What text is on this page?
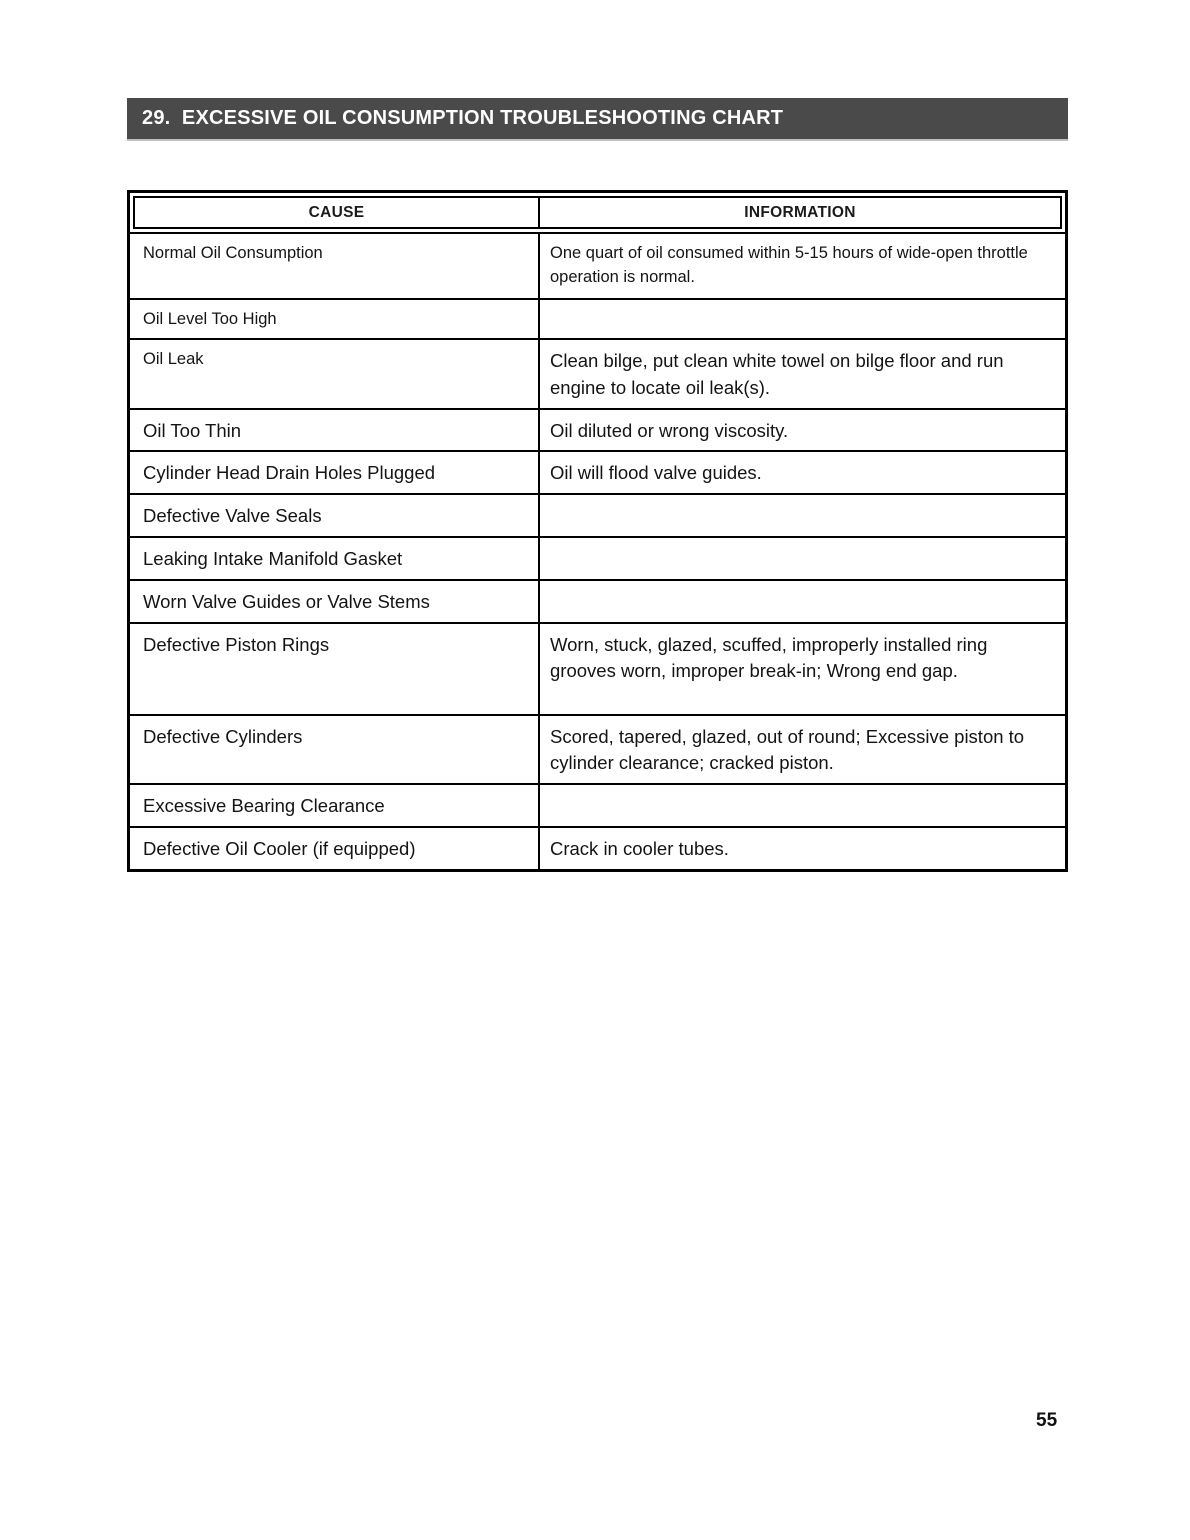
29.  EXCESSIVE OIL CONSUMPTION TROUBLESHOOTING CHART
CAUSE	INFORMATION
Normal Oil Consumption	One quart of oil consumed within 5-15 hours of wide-open throttle operation is normal.
Oil Level Too High
Oil Leak	Clean bilge, put clean white towel on bilge floor and run engine to locate oil leak(s).
Oil Too Thin	Oil diluted or wrong viscosity.
Cylinder Head Drain Holes Plugged	Oil will flood valve guides.
Defective Valve Seals
Leaking Intake Manifold Gasket
Worn Valve Guides or Valve Stems
Defective Piston Rings	Worn, stuck, glazed, scuffed, improperly installed ring grooves worn, improper break-in; Wrong end gap.
Defective Cylinders	Scored, tapered, glazed, out of round; Excessive piston to cylinder clearance; cracked piston.
Excessive Bearing Clearance
Defective Oil Cooler (if equipped)	Crack in cooler tubes.
55
